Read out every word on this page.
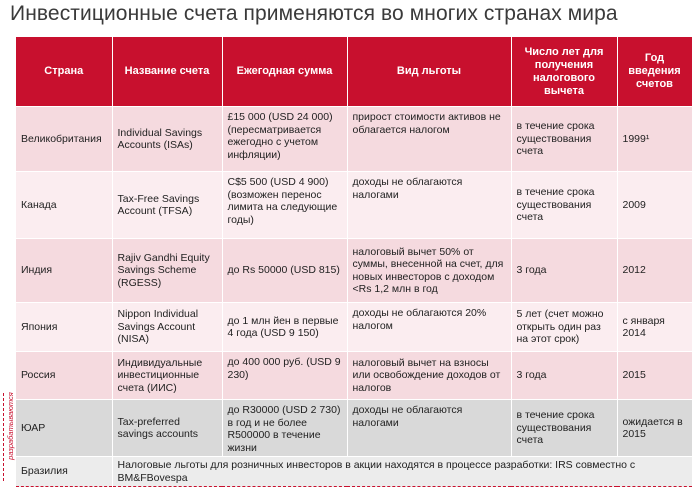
Инвестиционные счета применяются во многих странах мира
разрабатываются
Страна	Название счета	Ежегодная сумма	Вид льготы	Число лет для получения налогового вычета	Год введения счетов
Великобритания	Individual Savings Accounts (ISAs)	£15 000 (USD 24 000) (пересматривается ежегодно с учетом инфляции)	прирост стоимости активов не облагается налогом	в течение срока существования счета	1999¹
Канада	Tax-Free Savings Account (TFSA)	C$5 500 (USD 4 900) (возможен перенос лимита на следующие годы)	доходы не облагаются налогами	в течение срока существования счета	2009
Индия	Rajiv Gandhi Equity Savings Scheme (RGESS)	до Rs 50000 (USD 815)	налоговый вычет 50% от суммы, внесенной на счет, для новых инвесторов с доходом <Rs 1,2 млн в год	3 года	2012
Япония	Nippon Individual Savings Account (NISA)	до 1 млн йен в первые 4 года (USD 9 150)	доходы не облагаются 20% налогом	5 лет (счет можно открыть один раз на этот срок)	с января 2014
Россия	Индивидуальные инвестиционные счета (ИИС)	до 400 000 руб. (USD 9 230)	налоговый вычет на взносы или освобождение доходов от налогов	3 года	2015
ЮАР	Tax-preferred savings accounts	до R30000 (USD 2 730) в год и не более R500000 в течение жизни	доходы не облагаются налогами	в течение срока существования счета	ожидается в 2015
Бразилия	Налоговые льготы для розничных инвесторов в акции находятся в процессе разработки: IRS совместно с BM&FBovespa				
